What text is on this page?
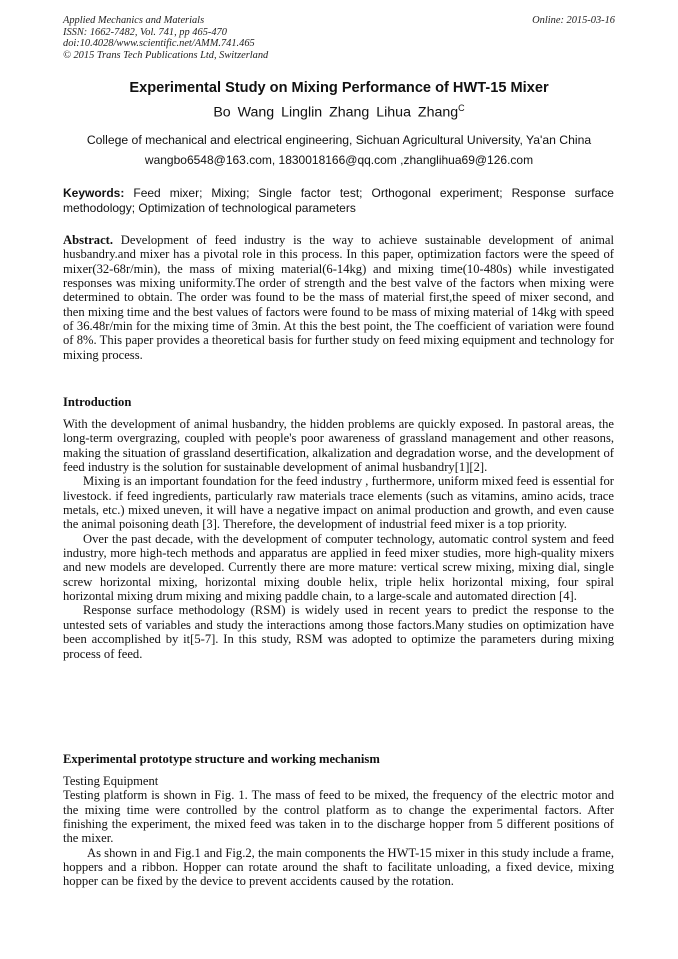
Applied Mechanics and Materials
ISSN: 1662-7482, Vol. 741, pp 465-470
doi:10.4028/www.scientific.net/AMM.741.465
© 2015 Trans Tech Publications Ltd, Switzerland
Online: 2015-03-16
Experimental Study on Mixing Performance of HWT-15 Mixer
Bo Wang Linglin Zhang Lihua Zhang$^C$
College of mechanical and electrical engineering, Sichuan Agricultural University, Ya'an China
wangbo6548@163.com, 1830018166@qq.com ,zhanglihua69@126.com
Keywords: Feed mixer; Mixing; Single factor test; Orthogonal experiment; Response surface methodology; Optimization of technological parameters
Abstract. Development of feed industry is the way to achieve sustainable development of animal husbandry.and mixer has a pivotal role in this process. In this paper, optimization factors were the speed of mixer(32-68r/min), the mass of mixing material(6-14kg) and mixing time(10-480s) while investigated responses was mixing uniformity.The order of strength and the best valve of the factors when mixing were determined to obtain. The order was found to be the mass of material first,the speed of mixer second, and then mixing time and the best values of factors were found to be mass of mixing material of 14kg with speed of 36.48r/min for the mixing time of 3min. At this the best point, the The coefficient of variation were found of 8%. This paper provides a theoretical basis for further study on feed mixing equipment and technology for mixing process.
Introduction

With the development of animal husbandry, the hidden problems are quickly exposed. In pastoral areas, the long-term overgrazing, coupled with people's poor awareness of grassland management and other reasons, making the situation of grassland desertification, alkalization and degradation worse, and the development of feed industry is the solution for sustainable development of animal husbandry[1][2].

Mixing is an important foundation for the feed industry , furthermore, uniform mixed feed is essential for livestock. if feed ingredients, particularly raw materials trace elements (such as vitamins, amino acids, trace metals, etc.) mixed uneven, it will have a negative impact on animal production and growth, and even cause the animal poisoning death [3]. Therefore, the development of industrial feed mixer is a top priority.

Over the past decade, with the development of computer technology, automatic control system and feed industry, more high-tech methods and apparatus are applied in feed mixer studies, more high-quality mixers and new models are developed. Currently there are more mature: vertical screw mixing, mixing dial, single screw horizontal mixing, horizontal mixing double helix, triple helix horizontal mixing, four spiral horizontal mixing drum mixing and mixing paddle chain, to a large-scale and automated direction [4].

Response surface methodology (RSM) is widely used in recent years to predict the response to the untested sets of variables and study the interactions among those factors.Many studies on optimization have been accomplished by it[5-7]. In this study, RSM was adopted to optimize the parameters during mixing process of feed.

Experimental prototype structure and working mechanism

Testing Equipment

Testing platform is shown in Fig. 1. The mass of feed to be mixed, the frequency of the electric motor and the mixing time were controlled by the control platform as to change the experimental factors. After finishing the experiment, the mixed feed was taken in to the discharge hopper from 5 different positions of the mixer.

As shown in and Fig.1 and Fig.2, the main components the HWT-15 mixer in this study include a frame, hoppers and a ribbon. Hopper can rotate around the shaft to facilitate unloading, a fixed device, mixing hopper can be fixed by the device to prevent accidents caused by the rotation.
